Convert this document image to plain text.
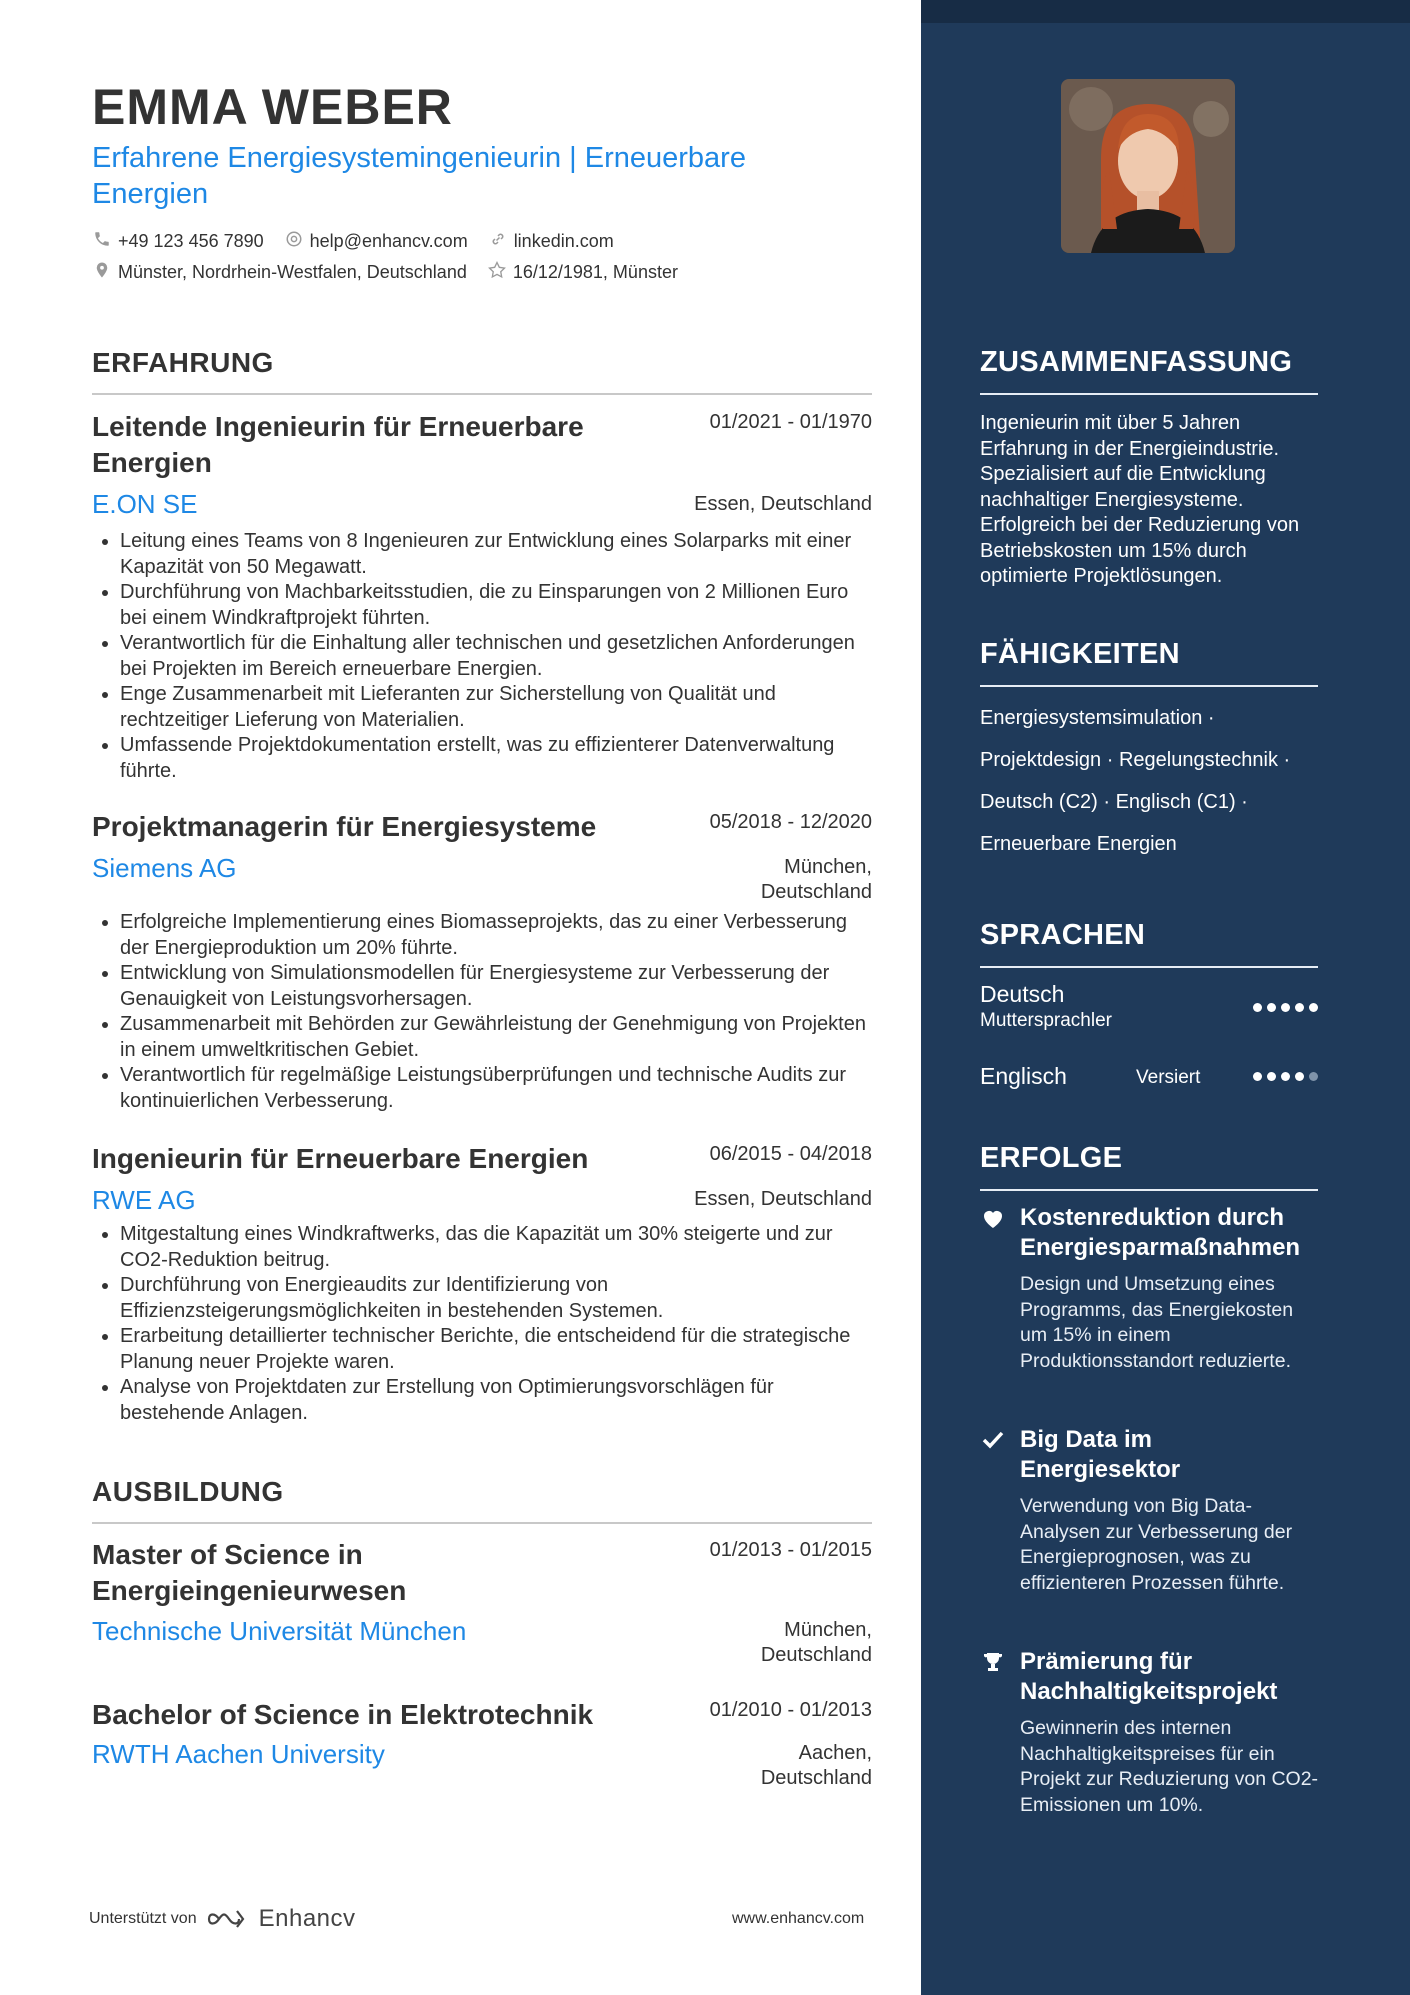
EMMA WEBER

Erfahrene Energiesystemingenieurin | Erneuerbare Energien

+49 123 456 7890	help@enhancv.com	linkedin.com
Münster, Nordrhein-Westfalen, Deutschland	16/12/1981, Münster
ERFAHRUNG
Leitende Ingenieurin für Erneuerbare Energien
01/2021 - 01/1970
E.ON SE	Essen, Deutschland
• Leitung eines Teams von 8 Ingenieuren zur Entwicklung eines Solarparks mit einer Kapazität von 50 Megawatt.
• Durchführung von Machbarkeitsstudien, die zu Einsparungen von 2 Millionen Euro bei einem Windkraftprojekt führten.
• Verantwortlich für die Einhaltung aller technischen und gesetzlichen Anforderungen bei Projekten im Bereich erneuerbare Energien.
• Enge Zusammenarbeit mit Lieferanten zur Sicherstellung von Qualität und rechtzeitiger Lieferung von Materialien.
• Umfassende Projektdokumentation erstellt, was zu effizienterer Datenverwaltung führte.
Projektmanagerin für Energiesysteme	05/2018 - 12/2020
Siemens AG	München,
Deutschland
• Erfolgreiche Implementierung eines Biomasseprojekts, das zu einer Verbesserung der Energieproduktion um 20% führte.
• Entwicklung von Simulationsmodellen für Energiesysteme zur Verbesserung der Genauigkeit von Leistungsvorhersagen.
• Zusammenarbeit mit Behörden zur Gewährleistung der Genehmigung von Projekten in einem umweltkritischen Gebiet.
• Verantwortlich für regelmäßige Leistungsüberprüfungen und technische Audits zur kontinuierlichen Verbesserung.
Ingenieurin für Erneuerbare Energien	06/2015 - 04/2018
RWE AG	Essen, Deutschland
• Mitgestaltung eines Windkraftwerks, das die Kapazität um 30% steigerte und zur CO2-Reduktion beitrug.
• Durchführung von Energieaudits zur Identifizierung von Effizienzsteigerungsmöglichkeiten in bestehenden Systemen.
• Erarbeitung detaillierter technischer Berichte, die entscheidend für die strategische Planung neuer Projekte waren.
• Analyse von Projektdaten zur Erstellung von Optimierungsvorschlägen für bestehende Anlagen.
AUSBILDUNG
Master of Science in Energieingenieurwesen
01/2013 - 01/2015
Technische Universität München	München,
Deutschland
Bachelor of Science in Elektrotechnik	01/2010 - 01/2013
RWTH Aachen University	Aachen,
Deutschland
Unterstützt von	Enhancv	www.enhancv.com
ZUSAMMENFASSUNG

Ingenieurin mit über 5 Jahren Erfahrung in der Energieindustrie. Spezialisiert auf die Entwicklung nachhaltiger Energiesysteme. Erfolgreich bei der Reduzierung von Betriebskosten um 15% durch optimierte Projektlösungen.

FÄHIGKEITEN
Energiesystemsimulation ·
Projektdesign · Regelungstechnik ·
Deutsch (C2) · Englisch (C1) ·
Erneuerbare Energien
SPRACHEN
Deutsch
Muttersprachler
Englisch	Versiert
ERFOLGE
Kostenreduktion durch Energiesparmaßnahmen

Design und Umsetzung eines Programms, das Energiekosten um 15% in einem Produktionsstandort reduzierte.

Big Data im Energiesektor

Verwendung von Big Data-Analysen zur Verbesserung der Energieprognosen, was zu effizienteren Prozessen führte.

Prämierung für Nachhaltigkeitsprojekt

Gewinnerin des internen Nachhaltigkeitspreises für ein Projekt zur Reduzierung von CO2-Emissionen um 10%.
